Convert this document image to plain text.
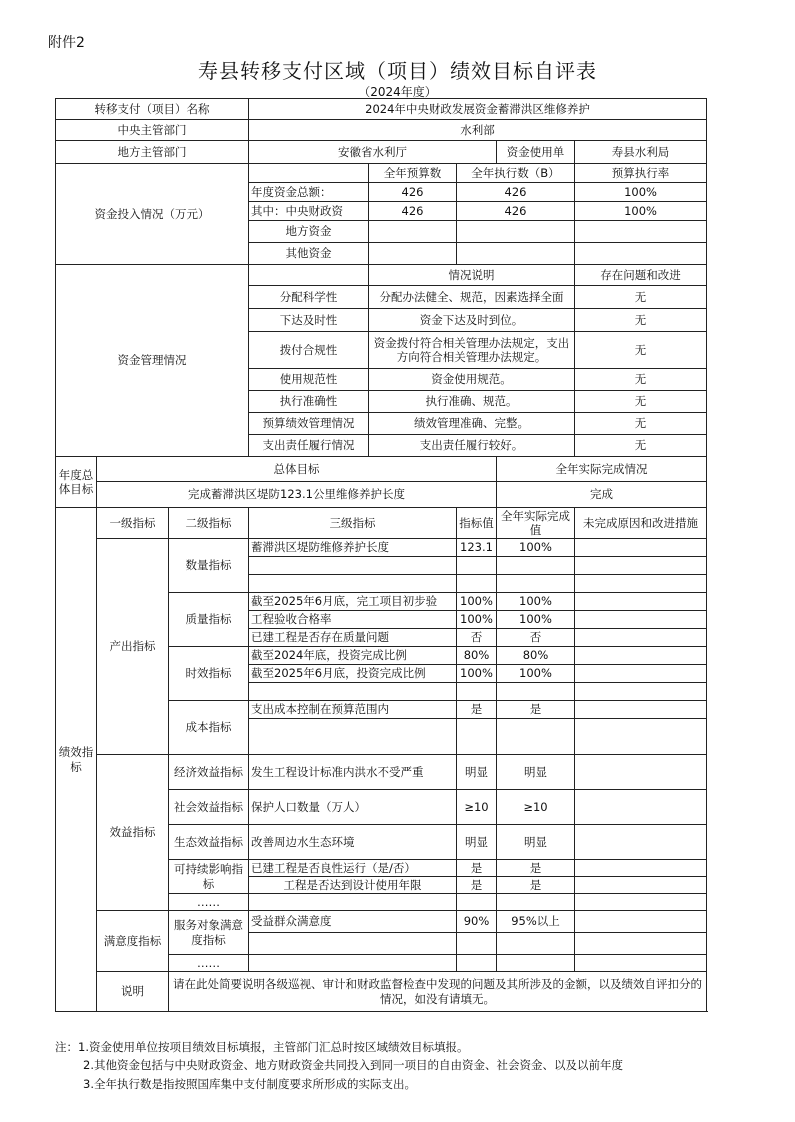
附件2
寿县转移支付区域（项目）绩效目标自评表
（2024年度）
转移支付（项目）名称			2024年中央财政发展资金蓄滞洪区维修养护				
中央主管部门			水利部				
地方主管部门			安徽省水利厅			资金使用单	寿县水利局
资金投入情况（万元）				全年预算数	全年执行数（B）		预算执行率
			年度资金总额：	426	426		100%
			其中：中央财政资	426	426		100%
			地方资金				
			其他资金				
资金管理情况				情况说明			存在问题和改进
			分配科学性	分配办法健全、规范，因素选择全面			无
			下达及时性	资金下达及时到位。			无
			拨付合规性	资金拨付符合相关管理办法规定，支出方向符合相关管理办法规定。			无
			使用规范性	资金使用规范。			无
			执行准确性	执行准确、规范。			无
			预算绩效管理情况	绩效管理准确、完整。			无
			支出责任履行情况	支出责任履行较好。			无
年度总体目标	总体目标					全年实际完成情况	
	完成蓄滞洪区堤防123.1公里维修养护长度					完成	
绩效指标	一级指标	二级指标	三级指标		指标值	全年实际完成值	未完成原因和改进措施
	产出指标	数量指标	蓄滞洪区堤防维修养护长度		123.1	100%	

		质量指标	截至2025年6月底，完工项目初步验		100%	100%	
			工程验收合格率		100%	100%	
			已建工程是否存在质量问题		否	否	
		时效指标	截至2024年底，投资完成比例		80%	80%	
			截至2025年6月底，投资完成比例		100%	100%	

		成本指标	支出成本控制在预算范围内		是	是	

	效益指标	经济效益指标	发生工程设计标准内洪水不受严重		明显	明显	
		社会效益指标	保护人口数量（万人）		≥10	≥10	
		生态效益指标	改善周边水生态环境		明显	明显	
		可持续影响指标	已建工程是否良性运行（是/否）		是	是	
			工程是否达到设计使用年限		是	是	
		……					
	满意度指标	服务对象满意度指标	受益群众满意度		90%	95%以上	

		……					
	说明	请在此处简要说明各级巡视、审计和财政监督检查中发现的问题及其所涉及的金额，以及绩效自评扣分的情况，如没有请填无。					
注：1.资金使用单位按项目绩效目标填报，主管部门汇总时按区域绩效目标填报。
2.其他资金包括与中央财政资金、地方财政资金共同投入到同一项目的自由资金、社会资金、以及以前年度
3.全年执行数是指按照国库集中支付制度要求所形成的实际支出。
